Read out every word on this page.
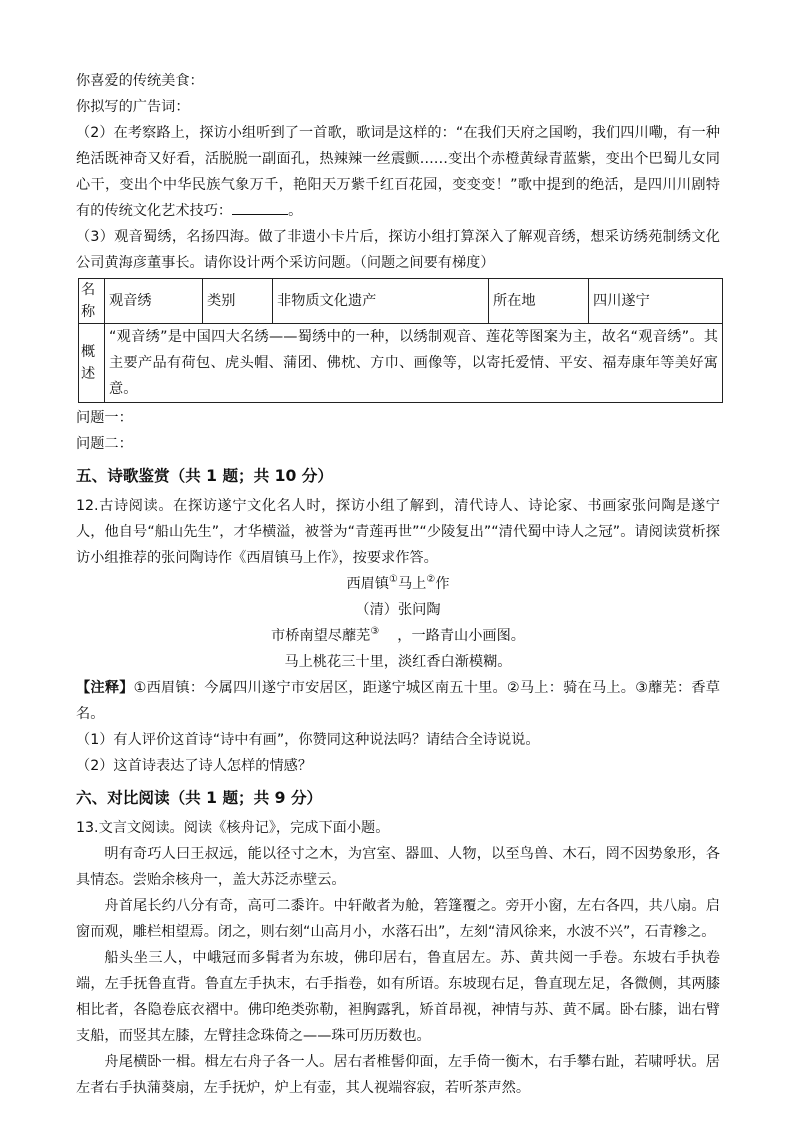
你喜爱的传统美食：
你拟写的广告词：
（2）在考察路上，探访小组听到了一首歌，歌词是这样的：“在我们天府之国哟，我们四川嘞，有一种绝活既神奇又好看，活脱脱一副面孔，热辣辣一丝震颤……变出个赤橙黄绿青蓝紫，变出个巴蜀儿女同心干，变出个中华民族气象万千，艳阳天万紫千红百花园，变变变！”歌中提到的绝活，是四川川剧特有的传统文化艺术技巧：	。
（3）观音蜀绣，名扬四海。做了非遗小卡片后，探访小组打算深入了解观音绣，想采访绣苑制绣文化公司黄海彦董事长。请你设计两个采访问题。（问题之间要有梯度）
名称	观音绣	类别	非物质文化遗产	所在地	四川遂宁
概述	“观音绣”是中国四大名绣——蜀绣中的一种，以绣制观音、莲花等图案为主，故名“观音绣”。其主要产品有荷包、虎头帽、蒲团、佛枕、方巾、画像等，以寄托爱情、平安、福寿康年等美好寓意。				
问题一：
问题二：
五、诗歌鉴赏（共 1 题；共 10 分）
12.古诗阅读。在探访遂宁文化名人时，探访小组了解到，清代诗人、诗论家、书画家张问陶是遂宁人，他自号“船山先生”，才华横溢，被誉为“青莲再世”“少陵复出”“清代蜀中诗人之冠”。请阅读赏析探访小组推荐的张问陶诗作《西眉镇马上作》，按要求作答。
西眉镇①马上②作
（清）张问陶
市桥南望尽蘼芜③ ，一路青山小画图。
马上桃花三十里，淡红香白渐模糊。
【注释】①西眉镇：今属四川遂宁市安居区，距遂宁城区南五十里。②马上：骑在马上。③蘼芜：香草名。
（1）有人评价这首诗“诗中有画”，你赞同这种说法吗？请结合全诗说说。
（2）这首诗表达了诗人怎样的情感？
六、对比阅读（共 1 题；共 9 分）
13.文言文阅读。阅读《核舟记》，完成下面小题。
明有奇巧人曰王叔远，能以径寸之木，为宫室、器皿、人物，以至鸟兽、木石，罔不因势象形，各具情态。尝贻余核舟一，盖大苏泛赤壁云。
舟首尾长约八分有奇，高可二黍许。中轩敞者为舱，箬篷覆之。旁开小窗，左右各四，共八扇。启窗而观，雕栏相望焉。闭之，则右刻“山高月小，水落石出”，左刻“清风徐来，水波不兴”，石青糁之。
船头坐三人，中峨冠而多髯者为东坡，佛印居右，鲁直居左。苏、黄共阅一手卷。东坡右手执卷端，左手抚鲁直背。鲁直左手执末，右手指卷，如有所语。东坡现右足，鲁直现左足，各微侧，其两膝相比者，各隐卷底衣褶中。佛印绝类弥勒，袒胸露乳，矫首昂视，神情与苏、黄不属。卧右膝，诎右臂支船，而竖其左膝，左臂挂念珠倚之——珠可历历数也。
舟尾横卧一楫。楫左右舟子各一人。居右者椎髻仰面，左手倚一衡木，右手攀右趾，若啸呼状。居左者右手执蒲葵扇，左手抚炉，炉上有壶，其人视端容寂，若听茶声然。
